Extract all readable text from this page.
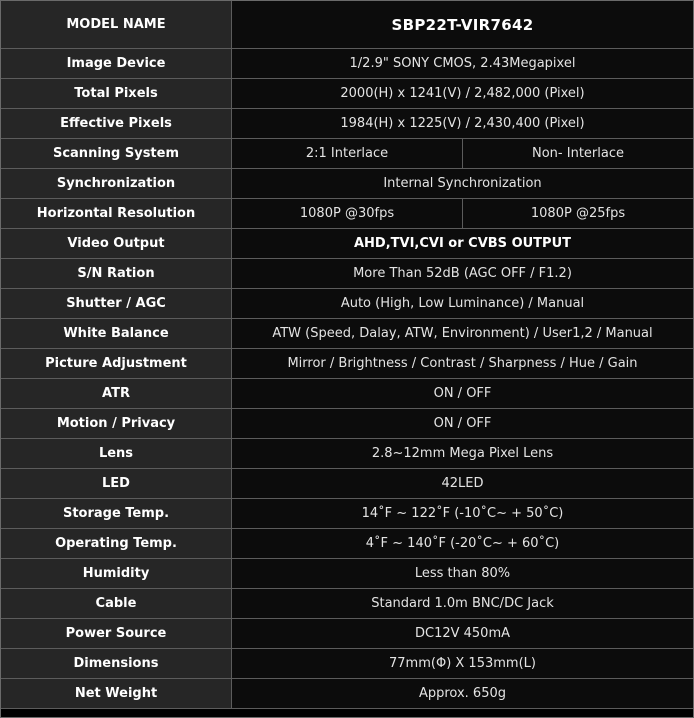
MODEL NAME	SBP22T-VIR7642	
Image Device	1/2.9" SONY CMOS, 2.43Megapixel	
Total Pixels	2000(H) x 1241(V) / 2,482,000 (Pixel)	
Effective Pixels	1984(H) x 1225(V) / 2,430,400 (Pixel)	
Scanning System	2:1 Interlace	Non- Interlace
Synchronization	Internal Synchronization	
Horizontal Resolution	1080P @30fps	1080P @25fps
Video Output	AHD,TVI,CVI or CVBS OUTPUT	
S/N Ration	More Than 52dB (AGC OFF / F1.2)	
Shutter / AGC	Auto (High, Low Luminance) / Manual	
White Balance	ATW (Speed, Dalay, ATW, Environment) / User1,2 / Manual	
Picture Adjustment	Mirror / Brightness / Contrast / Sharpness / Hue / Gain	
ATR	ON / OFF	
Motion / Privacy	ON / OFF	
Lens	2.8~12mm Mega Pixel Lens	
LED	42LED	
Storage Temp.	14˚F ~ 122˚F (-10˚C~ + 50˚C)	
Operating Temp.	4˚F ~ 140˚F (-20˚C~ + 60˚C)	
Humidity	Less than 80%	
Cable	Standard 1.0m BNC/DC Jack	
Power Source	DC12V 450mA	
Dimensions	77mm(Φ) X 153mm(L)	
Net Weight	Approx. 650g	
